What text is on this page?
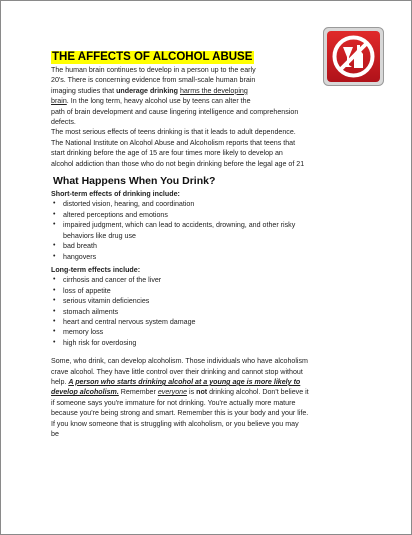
THE AFFECTS OF ALCOHOL ABUSE

The human brain continues to develop in a person up to the early
20's. There is concerning evidence from small-scale human brain
imaging studies that underage drinking harms the developing
brain. In the long term, heavy alcohol use by teens can alter the
path of brain development and cause lingering intelligence and comprehension
defects.

The most serious effects of teens drinking is that it leads to adult dependence.
The National Institute on Alcohol Abuse and Alcoholism reports that teens that
start drinking before the age of 15 are four times more likely to develop an
alcohol addiction than those who do not begin drinking before the legal age of 21

What Happens When You Drink?

Short-term effects of drinking include:

• distorted vision, hearing, and coordination
• altered perceptions and emotions
• impaired judgment, which can lead to accidents, drowning, and other risky
behaviors like drug use
• bad breath
• hangovers

Long-term effects include:

• cirrhosis and cancer of the liver
• loss of appetite
• serious vitamin deficiencies
• stomach ailments
• heart and central nervous system damage
• memory loss
• high risk for overdosing

Some, who drink, can develop alcoholism. Those individuals who have alcoholism
crave alcohol. They have little control over their drinking and cannot stop without
help. A person who starts drinking alcohol at a young age is more likely to
develop alcoholism. Remember everyone is not drinking alcohol. Don't believe it
if someone says you're immature for not drinking. You're actually more mature
because you're being strong and smart. Remember this is your body and your life.
If you know someone that is struggling with alcoholism, or you believe you may
be
